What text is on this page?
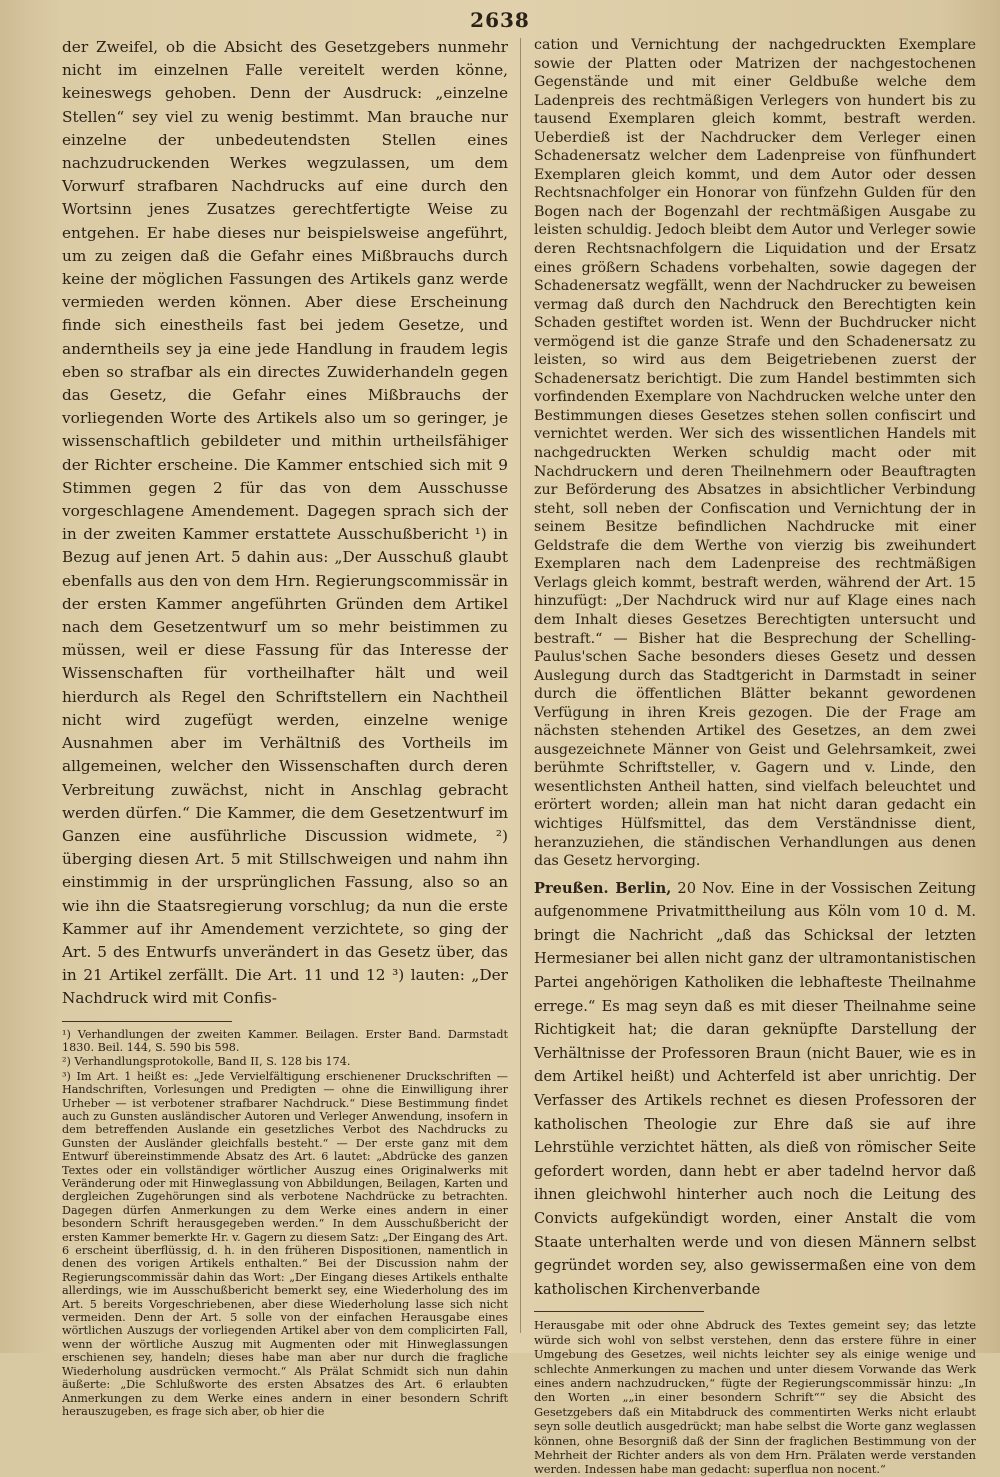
2638

der Zweifel, ob die Absicht des Gesetzgebers nunmehr nicht im einzelnen Falle vereitelt werden könne, keineswegs gehoben. Denn der Ausdruck: „einzelne Stellen“ sey viel zu wenig bestimmt. Man brauche nur einzelne der unbedeutendsten Stellen eines nachzudruckenden Werkes wegzulassen, um dem Vorwurf strafbaren Nachdrucks auf eine durch den Wortsinn jenes Zusatzes gerechtfertigte Weise zu entgehen. Er habe dieses nur beispielsweise angeführt, um zu zeigen daß die Gefahr eines Mißbrauchs durch keine der möglichen Fassungen des Artikels ganz werde vermieden werden können. Aber diese Erscheinung finde sich einestheils fast bei jedem Gesetze, und anderntheils sey ja eine jede Handlung in fraudem legis eben so strafbar als ein directes Zuwiderhandeln gegen das Gesetz, die Gefahr eines Mißbrauchs der vorliegenden Worte des Artikels also um so geringer, je wissenschaftlich gebildeter und mithin urtheilsfähiger der Richter erscheine. Die Kammer entschied sich mit 9 Stimmen gegen 2 für das von dem Ausschusse vorgeschlagene Amendement. Dagegen sprach sich der in der zweiten Kammer erstattete Ausschußbericht ¹) in Bezug auf jenen Art. 5 dahin aus: „Der Ausschuß glaubt ebenfalls aus den von dem Hrn. Regierungscommissär in der ersten Kammer angeführten Gründen dem Artikel nach dem Gesetzentwurf um so mehr beistimmen zu müssen, weil er diese Fassung für das Interesse der Wissenschaften für vortheilhafter hält und weil hierdurch als Regel den Schriftstellern ein Nachtheil nicht wird zugefügt werden, einzelne wenige Ausnahmen aber im Verhältniß des Vortheils im allgemeinen, welcher den Wissenschaften durch deren Verbreitung zuwächst, nicht in Anschlag gebracht werden dürfen.“ Die Kammer, die dem Gesetzentwurf im Ganzen eine ausführliche Discussion widmete, ²) überging diesen Art. 5 mit Stillschweigen und nahm ihn einstimmig in der ursprünglichen Fassung, also so an wie ihn die Staatsregierung vorschlug; da nun die erste Kammer auf ihr Amendement verzichtete, so ging der Art. 5 des Entwurfs unverändert in das Gesetz über, das in 21 Artikel zerfällt. Die Art. 11 und 12 ³) lauten: „Der Nachdruck wird mit Confis-

¹) Verhandlungen der zweiten Kammer. Beilagen. Erster Band. Darmstadt 1830. Beil. 144, S. 590 bis 598.

²) Verhandlungsprotokolle, Band II, S. 128 bis 174.

³) Im Art. 1 heißt es: „Jede Vervielfältigung erschienener Druckschriften — Handschriften, Vorlesungen und Predigten — ohne die Einwilligung ihrer Urheber — ist verbotener strafbarer Nachdruck.“ Diese Bestimmung findet auch zu Gunsten ausländischer Autoren und Verleger Anwendung, insofern in dem betreffenden Auslande ein gesetzliches Verbot des Nachdrucks zu Gunsten der Ausländer gleichfalls besteht.“ — Der erste ganz mit dem Entwurf übereinstimmende Absatz des Art. 6 lautet: „Abdrücke des ganzen Textes oder ein vollständiger wörtlicher Auszug eines Originalwerks mit Veränderung oder mit Hinweglassung von Abbildungen, Beilagen, Karten und dergleichen Zugehörungen sind als verbotene Nachdrücke zu betrachten. Dagegen dürfen Anmerkungen zu dem Werke eines andern in einer besondern Schrift herausgegeben werden.“ In dem Ausschußbericht der ersten Kammer bemerkte Hr. v. Gagern zu diesem Satz: „Der Eingang des Art. 6 erscheint überflüssig, d. h. in den früheren Dispositionen, namentlich in denen des vorigen Artikels enthalten.“ Bei der Discussion nahm der Regierungscommissär dahin das Wort: „Der Eingang dieses Artikels enthalte allerdings, wie im Ausschußbericht bemerkt sey, eine Wiederholung des im Art. 5 bereits Vorgeschriebenen, aber diese Wiederholung lasse sich nicht vermeiden. Denn der Art. 5 solle von der einfachen Herausgabe eines wörtlichen Auszugs der vorliegenden Artikel aber von dem complicirten Fall, wenn der wörtliche Auszug mit Augmenten oder mit Hinweglassungen erschienen sey, handeln; dieses habe man aber nur durch die fragliche Wiederholung ausdrücken vermocht.“ Als Prälat Schmidt sich nun dahin äußerte: „Die Schlußworte des ersten Absatzes des Art. 6 erlaubten Anmerkungen zu dem Werke eines andern in einer besondern Schrift herauszugeben, es frage sich aber, ob hier die

cation und Vernichtung der nachgedruckten Exemplare sowie der Platten oder Matrizen der nachgestochenen Gegenstände und mit einer Geldbuße welche dem Ladenpreis des rechtmäßigen Verlegers von hundert bis zu tausend Exemplaren gleich kommt, bestraft werden. Ueberdieß ist der Nachdrucker dem Verleger einen Schadenersatz welcher dem Ladenpreise von fünfhundert Exemplaren gleich kommt, und dem Autor oder dessen Rechtsnachfolger ein Honorar von fünfzehn Gulden für den Bogen nach der Bogenzahl der rechtmäßigen Ausgabe zu leisten schuldig. Jedoch bleibt dem Autor und Verleger sowie deren Rechtsnachfolgern die Liquidation und der Ersatz eines größern Schadens vorbehalten, sowie dagegen der Schadenersatz wegfällt, wenn der Nachdrucker zu beweisen vermag daß durch den Nachdruck den Berechtigten kein Schaden gestiftet worden ist. Wenn der Buchdrucker nicht vermögend ist die ganze Strafe und den Schadenersatz zu leisten, so wird aus dem Beigetriebenen zuerst der Schadenersatz berichtigt. Die zum Handel bestimmten sich vorfindenden Exemplare von Nachdrucken welche unter den Bestimmungen dieses Gesetzes stehen sollen confiscirt und vernichtet werden. Wer sich des wissentlichen Handels mit nachgedruckten Werken schuldig macht oder mit Nachdruckern und deren Theilnehmern oder Beauftragten zur Beförderung des Absatzes in absichtlicher Verbindung steht, soll neben der Confiscation und Vernichtung der in seinem Besitze befindlichen Nachdrucke mit einer Geldstrafe die dem Werthe von vierzig bis zweihundert Exemplaren nach dem Ladenpreise des rechtmäßigen Verlags gleich kommt, bestraft werden, während der Art. 15 hinzufügt: „Der Nachdruck wird nur auf Klage eines nach dem Inhalt dieses Gesetzes Berechtigten untersucht und bestraft.“ — Bisher hat die Besprechung der Schelling-Paulus'schen Sache besonders dieses Gesetz und dessen Auslegung durch das Stadtgericht in Darmstadt in seiner durch die öffentlichen Blätter bekannt gewordenen Verfügung in ihren Kreis gezogen. Die der Frage am nächsten stehenden Artikel des Gesetzes, an dem zwei ausgezeichnete Männer von Geist und Gelehrsamkeit, zwei berühmte Schriftsteller, v. Gagern und v. Linde, den wesentlichsten Antheil hatten, sind vielfach beleuchtet und erörtert worden; allein man hat nicht daran gedacht ein wichtiges Hülfsmittel, das dem Verständnisse dient, heranzuziehen, die ständischen Verhandlungen aus denen das Gesetz hervorging.

Preußen. Berlin, 20 Nov. Eine in der Vossischen Zeitung aufgenommene Privatmittheilung aus Köln vom 10 d. M. bringt die Nachricht „daß das Schicksal der letzten Hermesianer bei allen nicht ganz der ultramontanistischen Partei angehörigen Katholiken die lebhafteste Theilnahme errege.“ Es mag seyn daß es mit dieser Theilnahme seine Richtigkeit hat; die daran geknüpfte Darstellung der Verhältnisse der Professoren Braun (nicht Bauer, wie es in dem Artikel heißt) und Achterfeld ist aber unrichtig. Der Verfasser des Artikels rechnet es diesen Professoren der katholischen Theologie zur Ehre daß sie auf ihre Lehrstühle verzichtet hätten, als dieß von römischer Seite gefordert worden, dann hebt er aber tadelnd hervor daß ihnen gleichwohl hinterher auch noch die Leitung des Convicts aufgekündigt worden, einer Anstalt die vom Staate unterhalten werde und von diesen Männern selbst gegründet worden sey, also gewissermaßen eine von dem katholischen Kirchenverbande

Herausgabe mit oder ohne Abdruck des Textes gemeint sey; das letzte würde sich wohl von selbst verstehen, denn das erstere führe in einer Umgebung des Gesetzes, weil nichts leichter sey als einige wenige und schlechte Anmerkungen zu machen und unter diesem Vorwande das Werk eines andern nachzudrucken,“ fügte der Regierungscommissär hinzu: „In den Worten „„in einer besondern Schrift““ sey die Absicht des Gesetzgebers daß ein Mitabdruck des commentirten Werks nicht erlaubt seyn solle deutlich ausgedrückt; man habe selbst die Worte ganz weglassen können, ohne Besorgniß daß der Sinn der fraglichen Bestimmung von der Mehrheit der Richter anders als von dem Hrn. Prälaten werde verstanden werden. Indessen habe man gedacht: superflua non nocent.“
